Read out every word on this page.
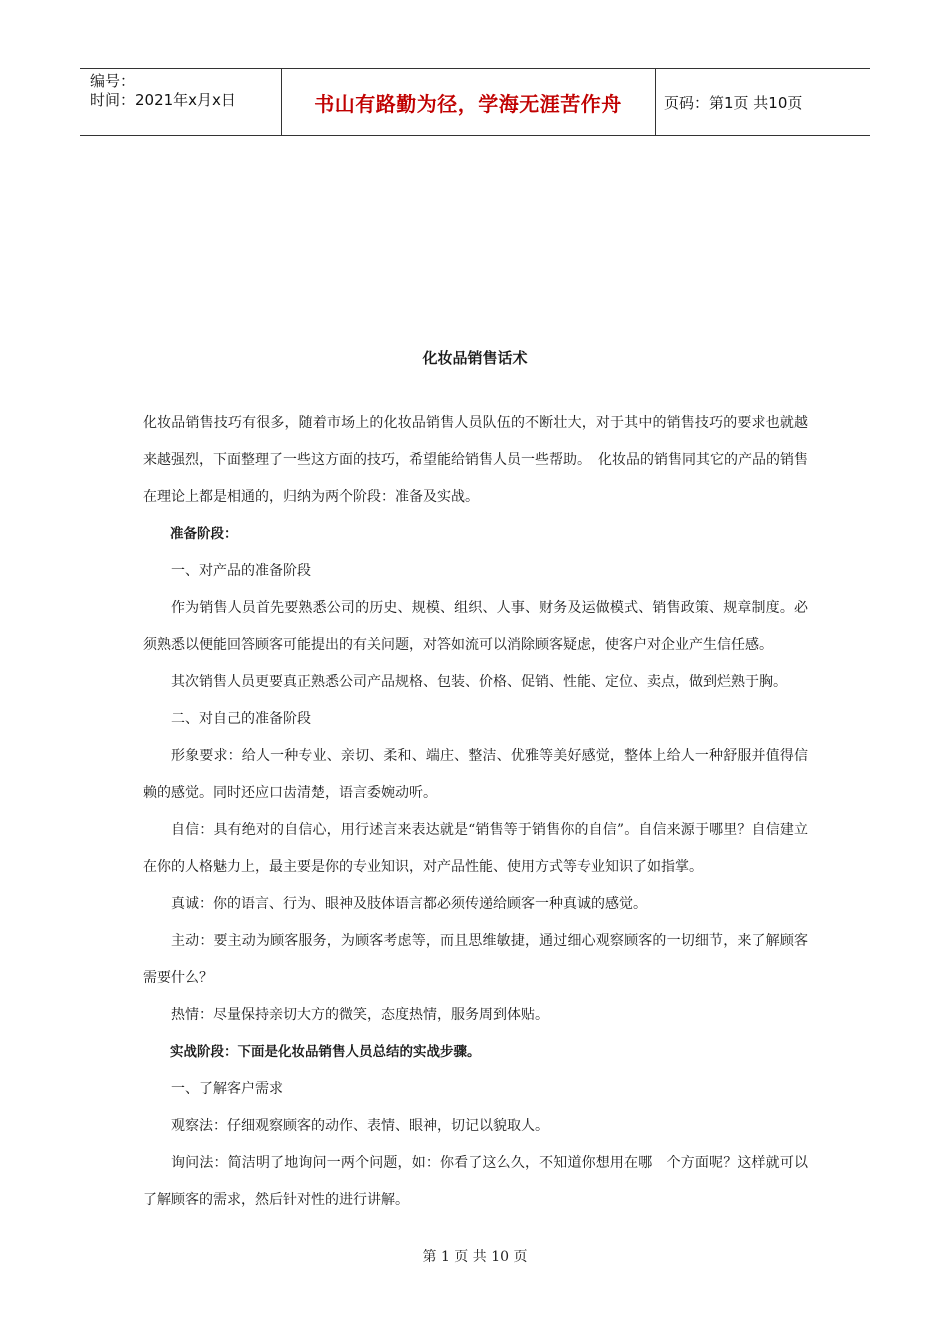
编号：
时间：2021年x月x日	书山有路勤为径，学海无涯苦作舟	页码：第1页 共10页
化妆品销售话术

化妆品销售技巧有很多，随着市场上的化妆品销售人员队伍的不断壮大，对于其中的销售技巧的要求也就越来越强烈，下面整理了一些这方面的技巧，希望能给销售人员一些帮助。　化妆品的销售同其它的产品的销售在理论上都是相通的，归纳为两个阶段：准备及实战。

准备阶段：

一、对产品的准备阶段

作为销售人员首先要熟悉公司的历史、规模、组织、人事、财务及运做模式、销售政策、规章制度。必须熟悉以便能回答顾客可能提出的有关问题，对答如流可以消除顾客疑虑，使客户对企业产生信任感。

其次销售人员更要真正熟悉公司产品规格、包装、价格、促销、性能、定位、卖点，做到烂熟于胸。

二、对自己的准备阶段

形象要求：给人一种专业、亲切、柔和、端庄、整洁、优雅等美好感觉，整体上给人一种舒服并值得信赖的感觉。同时还应口齿清楚，语言委婉动听。

自信：具有绝对的自信心，用行述言来表达就是“销售等于销售你的自信”。自信来源于哪里？自信建立在你的人格魅力上，最主要是你的专业知识，对产品性能、使用方式等专业知识了如指掌。

真诚：你的语言、行为、眼神及肢体语言都必须传递给顾客一种真诚的感觉。

主动：要主动为顾客服务，为顾客考虑等，而且思维敏捷，通过细心观察顾客的一切细节，来了解顾客需要什么？

热情：尽量保持亲切大方的微笑，态度热情，服务周到体贴。

实战阶段：下面是化妆品销售人员总结的实战步骤。

一、了解客户需求

观察法：仔细观察顾客的动作、表情、眼神，切记以貌取人。

询问法：简洁明了地询问一两个问题，如：你看了这么久，不知道你想用在哪　个方面呢？这样就可以了解顾客的需求，然后针对性的进行讲解。

第 1 页 共 10 页
